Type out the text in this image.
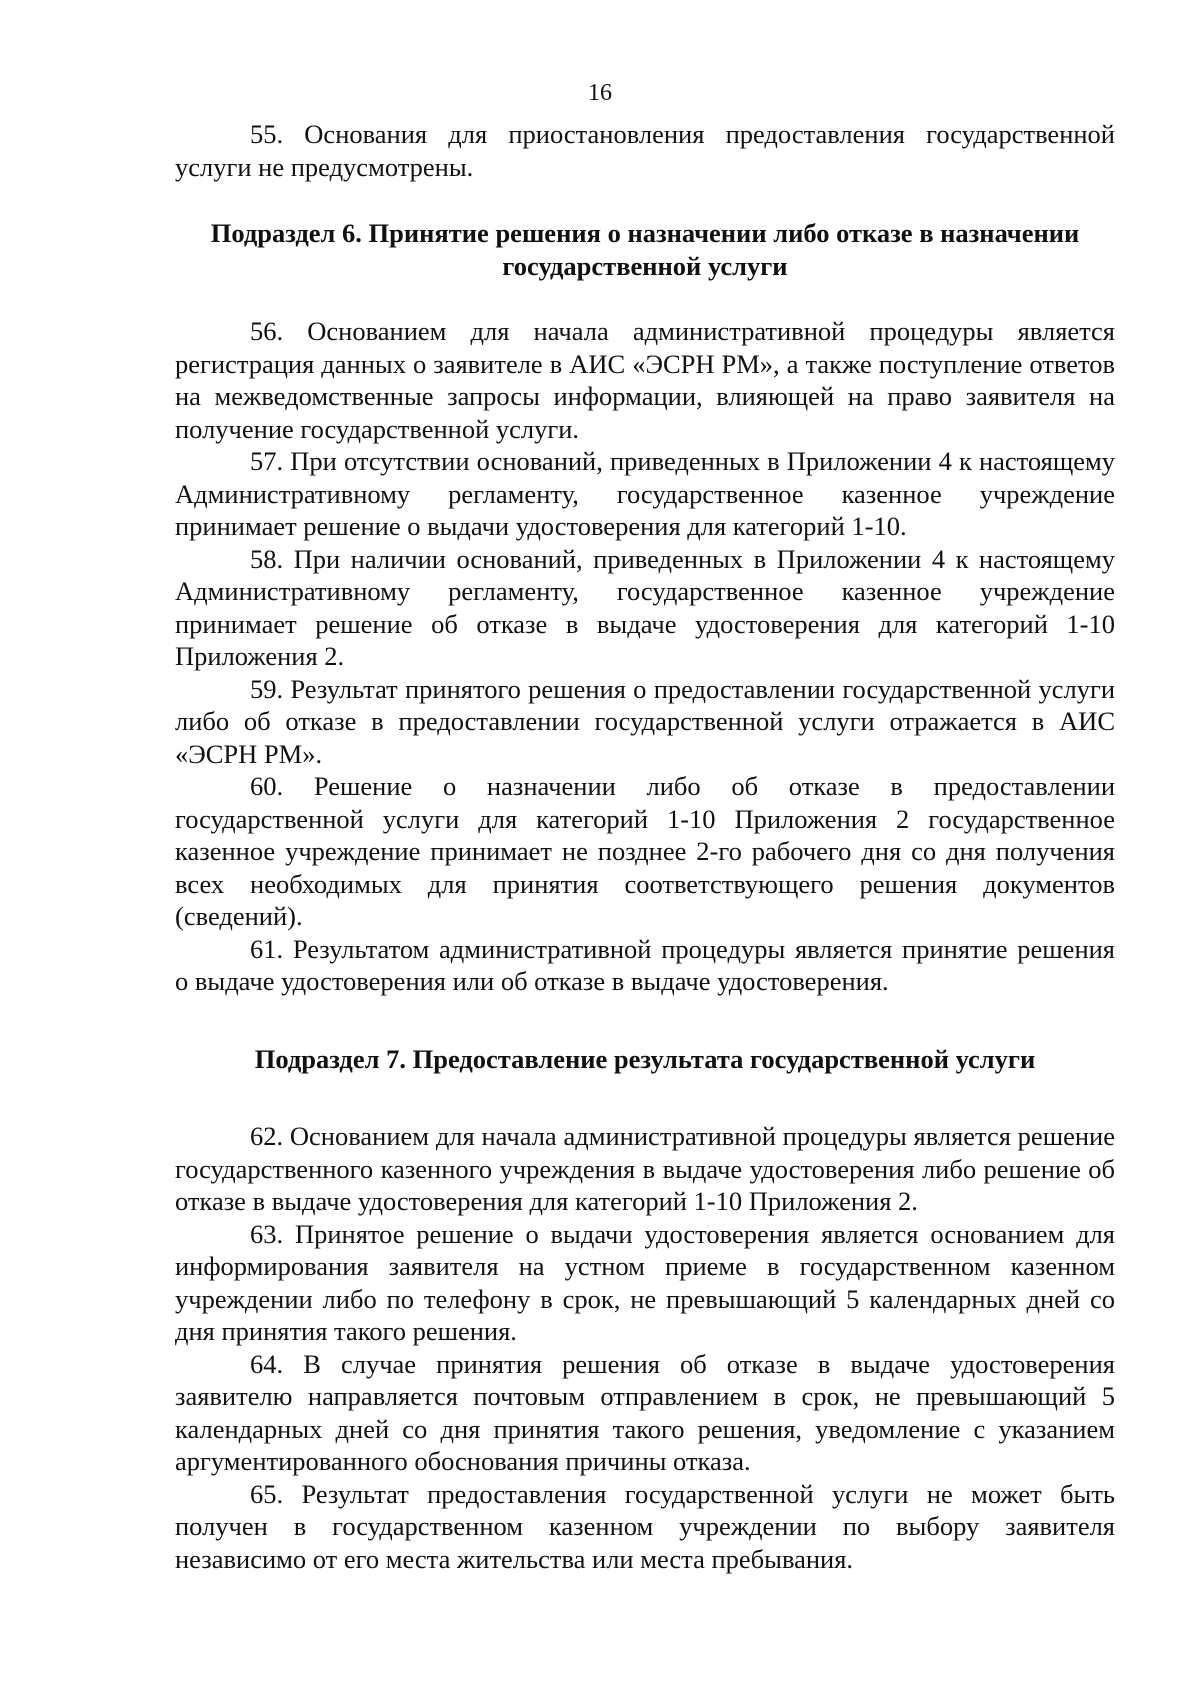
16

55. Основания для приостановления предоставления государственной услуги не предусмотрены.

Подраздел 6. Принятие решения о назначении либо отказе в назначении государственной услуги

56. Основанием для начала административной процедуры является регистрация данных о заявителе в АИС «ЭСРН РМ», а также поступление ответов на межведомственные запросы информации, влияющей на право заявителя на получение государственной услуги.

57. При отсутствии оснований, приведенных в Приложении 4 к настоящему Административному регламенту, государственное казенное учреждение принимает решение о выдачи удостоверения для категорий 1-10.

58. При наличии оснований, приведенных в Приложении 4 к настоящему Административному регламенту, государственное казенное учреждение принимает решение об отказе в выдаче удостоверения для категорий 1-10 Приложения 2.

59. Результат принятого решения о предоставлении государственной услуги либо об отказе в предоставлении государственной услуги отражается в АИС «ЭСРН РМ».

60. Решение о назначении либо об отказе в предоставлении государственной услуги для категорий 1-10 Приложения 2 государственное казенное учреждение принимает не позднее 2-го рабочего дня со дня получения всех необходимых для принятия соответствующего решения документов (сведений).

61. Результатом административной процедуры является принятие решения о выдаче удостоверения или об отказе в выдаче удостоверения.

Подраздел 7. Предоставление результата государственной услуги

62. Основанием для начала административной процедуры является решение государственного казенного учреждения в выдаче удостоверения либо решение об отказе в выдаче удостоверения для категорий 1-10 Приложения 2.

63. Принятое решение о выдачи удостоверения является основанием для информирования заявителя на устном приеме в государственном казенном учреждении либо по телефону в срок, не превышающий 5 календарных дней со дня принятия такого решения.

64. В случае принятия решения об отказе в выдаче удостоверения заявителю направляется почтовым отправлением в срок, не превышающий 5 календарных дней со дня принятия такого решения, уведомление с указанием аргументированного обоснования причины отказа.

65. Результат предоставления государственной услуги не может быть получен в государственном казенном учреждении по выбору заявителя независимо от его места жительства или места пребывания.
